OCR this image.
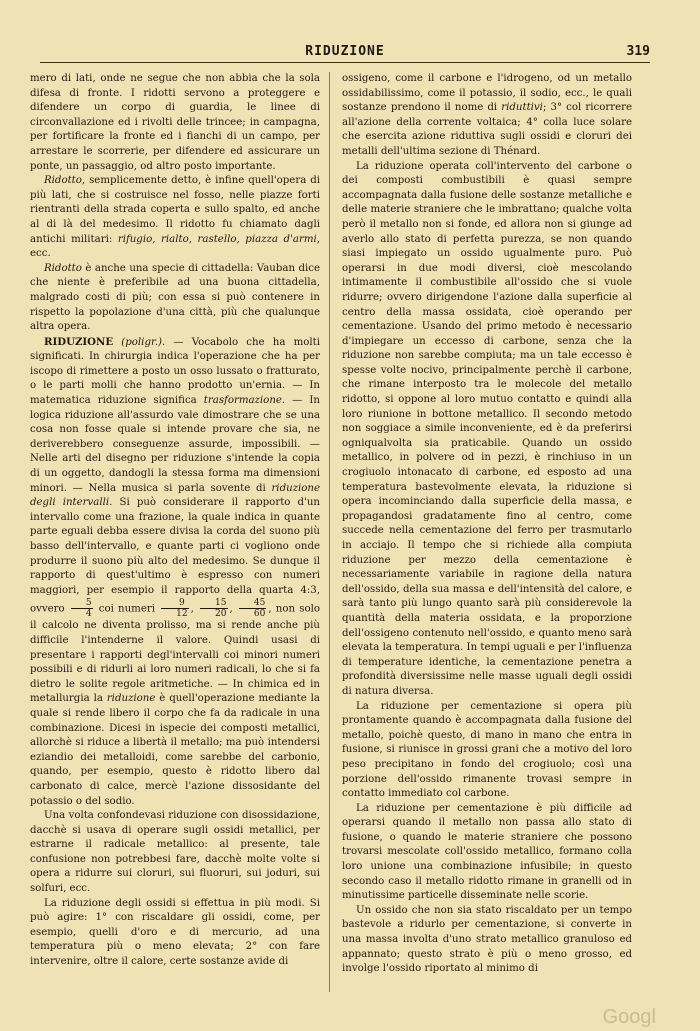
RIDUZIONE	319

mero di lati, onde ne segue che non abbia che la sola difesa di fronte. I ridotti servono a proteggere e difendere un corpo di guardia, le linee di circonvallazione ed i rivolti delle trincee; in campagna, per fortificare la fronte ed i fianchi di un campo, per arrestare le scorrerie, per difendere ed assicurare un ponte, un passaggio, od altro posto importante.

Ridotto, semplicemente detto, è infine quell'opera di più lati, che si costruisce nel fosso, nelle piazze forti rientranti della strada coperta e sullo spalto, ed anche al di là del medesimo. Il ridotto fu chiamato dagli antichi militari: rifugio, rialto, rastello, piazza d'armi, ecc.

Ridotto è anche una specie di cittadella: Vauban dice che niente è preferibile ad una buona cittadella, malgrado costi di più; con essa si può contenere in rispetto la popolazione d'una città, più che qualunque altra opera.

RIDUZIONE (poligr.). — Vocabolo che ha molti significati. In chirurgia indica l'operazione che ha per iscopo di rimettere a posto un osso lussato o fratturato, o le parti molli che hanno prodotto un'ernia. — In matematica riduzione significa trasformazione. — In logica riduzione all'assurdo vale dimostrare che se una cosa non fosse quale si intende provare che sia, ne deriverebbero conseguenze assurde, impossibili. — Nelle arti del disegno per riduzione s'intende la copia di un oggetto, dandogli la stessa forma ma dimensioni minori. — Nella musica si parla sovente di riduzione degli intervalli. Si può considerare il rapporto d'un intervallo come una frazione, la quale indica in quante parte eguali debba essere divisa la corda del suono più basso dell'intervallo, e quante parti ci vogliono onde produrre il suono più alto del medesimo. Se dunque il rapporto di quest'ultimo è espresso con numeri maggiori, per esempio il rapporto della quarta 4:3, ovvero $\frac{5}{4}$ coi numeri $\frac{9}{12}$ , $\frac{15}{20}$ , $\frac{45}{60}$ , non solo il calcolo ne diventa prolisso, ma si rende anche più difficile l'intenderne il valore. Quindi usasi di presentare i rapporti degl'intervalli coi minori numeri possibili e di ridurli ai loro numeri radicali, lo che si fa dietro le solite regole aritmetiche. — In chimica ed in metallurgia la riduzione è quell'operazione mediante la quale si rende libero il corpo che fa da radicale in una combinazione. Dicesi in ispecie dei composti metallici, allorchè si riduce a libertà il metallo; ma può intendersi eziandio dei metalloidi, come sarebbe del carbonio, quando, per esempio, questo è ridotto libero dal carbonato di calce, mercè l'azione dissosidante del potassio o del sodio.

Una volta confondevasi riduzione con disossidazione, dacchè si usava di operare sugli ossidi metallici, per estrarne il radicale metallico: al presente, tale confusione non potrebbesi fare, dacchè molte volte si opera a ridurre sui cloruri, sui fluoruri, sui joduri, sui solfuri, ecc.

La riduzione degli ossidi si effettua in più modi. Si può agire: 1° con riscaldare gli ossidi, come, per esempio, quelli d'oro e di mercurio, ad una temperatura più o meno elevata; 2° con fare intervenire, oltre il calore, certe sostanze avide di

ossigeno, come il carbone e l'idrogeno, od un metallo ossidabilissimo, come il potassio, il sodio, ecc., le quali sostanze prendono il nome di riduttivi; 3° col ricorrere all'azione della corrente voltaica; 4° colla luce solare che esercita azione riduttiva sugli ossidi e cloruri dei metalli dell'ultima sezione di Thénard.

La riduzione operata coll'intervento del carbone o dei composti combustibili è quasi sempre accompagnata dalla fusione delle sostanze metalliche e delle materie straniere che le imbrattano; qualche volta però il metallo non si fonde, ed allora non si giunge ad averlo allo stato di perfetta purezza, se non quando siasi impiegato un ossido ugualmente puro. Può operarsi in due modi diversi, cioè mescolando intimamente il combustibile all'ossido che si vuole ridurre; ovvero dirigendone l'azione dalla superficie al centro della massa ossidata, cioè operando per cementazione. Usando del primo metodo è necessario d'impiegare un eccesso di carbone, senza che la riduzione non sarebbe compiuta; ma un tale eccesso è spesse volte nocivo, principalmente perchè il carbone, che rimane interposto tra le molecole del metallo ridotto, si oppone al loro mutuo contatto e quindi alla loro riunione in bottone metallico. Il secondo metodo non soggiace a simile inconveniente, ed è da preferirsi ogniqualvolta sia praticabile. Quando un ossido metallico, in polvere od in pezzi, è rinchiuso in un crogiuolo intonacato di carbone, ed esposto ad una temperatura bastevolmente elevata, la riduzione si opera incominciando dalla superficie della massa, e propagandosi gradatamente fino al centro, come succede nella cementazione del ferro per trasmutarlo in acciajo. Il tempo che si richiede alla compiuta riduzione per mezzo della cementazione è necessariamente variabile in ragione della natura dell'ossido, della sua massa e dell'intensità del calore, e sarà tanto più lungo quanto sarà più considerevole la quantità della materia ossidata, e la proporzione dell'ossigeno contenuto nell'ossido, e quanto meno sarà elevata la temperatura. In tempi uguali e per l'influenza di temperature identiche, la cementazione penetra a profondità diversissime nelle masse uguali degli ossidi di natura diversa.

La riduzione per cementazione si opera più prontamente quando è accompagnata dalla fusione del metallo, poichè questo, di mano in mano che entra in fusione, si riunisce in grossi grani che a motivo del loro peso precipitano in fondo del crogiuolo; così una porzione dell'ossido rimanente trovasi sempre in contatto immediato col carbone.

La riduzione per cementazione è più difficile ad operarsi quando il metallo non passa allo stato di fusione, o quando le materie straniere che possono trovarsi mescolate coll'ossido metallico, formano colla loro unione una combinazione infusibile; in questo secondo caso il metallo ridotto rimane in granelli od in minutissime particelle disseminate nelle scorie.

Un ossido che non sia stato riscaldato per un tempo bastevole a ridurlo per cementazione, si converte in una massa involta d'uno strato metallico granuloso ed appannato; questo strato è più o meno grosso, ed involge l'ossido riportato al minimo di

Googl
